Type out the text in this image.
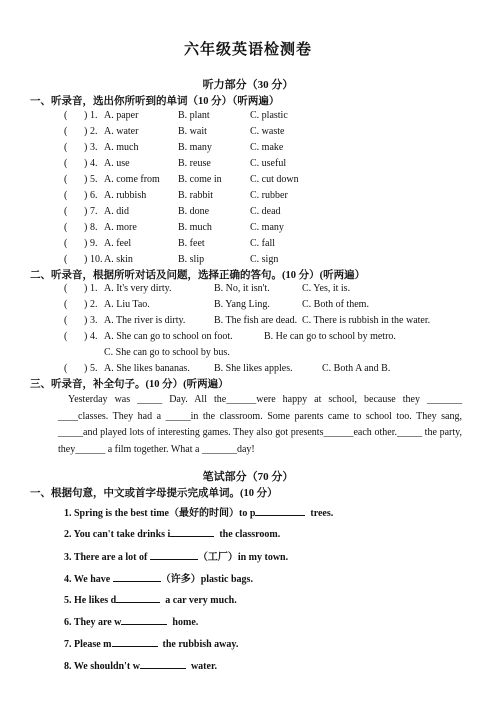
六年级英语检测卷
听力部分（30 分）
一、听录音，选出你所听到的单词（10 分）（听两遍）
( ) 1. A. paper	B. plant	C. plastic
( ) 2. A. water	B. wait	C. waste
( ) 3. A. much	B. many	C. make
( ) 4. A. use	B. reuse	C. useful
( ) 5. A. come from B. come in	C. cut down
( ) 6. A. rubbish	B. rabbit	C. rubber
( ) 7. A. did	B. done	C. dead
( ) 8. A. more	B. much	C. many
( ) 9. A. feel	B. feet	C. fall
( ) 10. A. skin	B. slip	C. sign
二、听录音，根据所听对话及问题，选择正确的答句。(10 分）(听两遍）
( ) 1. A. It's very dirty.	B. No, it isn't.	C. Yes, it is.
( ) 2. A. Liu Tao.	B. Yang Ling.	C. Both of them.
( ) 3. A. The river is dirty.	B. The fish are dead. C. There is rubbish in the water.
( ) 4. A. She can go to school on foot.	B. He can go to school by metro.
C. She can go to school by bus.
( ) 5. A. She likes bananas. B. She likes apples.	C. Both A and B.
三、听录音，补全句子。(10 分）(听两遍）
Yesterday was _____ Day. All the______were happy at school, because they _______ ____classes. They had a _____in the classroom. Some parents came to school too. They sang, _____and played lots of interesting games. They also got presents______each other._____ the party, they______ a film together. What a _______day!
笔试部分（70 分）
一、根据句意，中文或首字母提示完成单词。(10 分）
1. Spring is the best time（最好的时间）to p	trees.
2. You can't take drinks i	the classroom.
3. There are a lot of	（工厂）in my town.
4. We have	（许多）plastic bags.
5. He likes d	a car very much.
6. They are w	home.
7. Please m	the rubbish away.
8. We shouldn't w	water.
